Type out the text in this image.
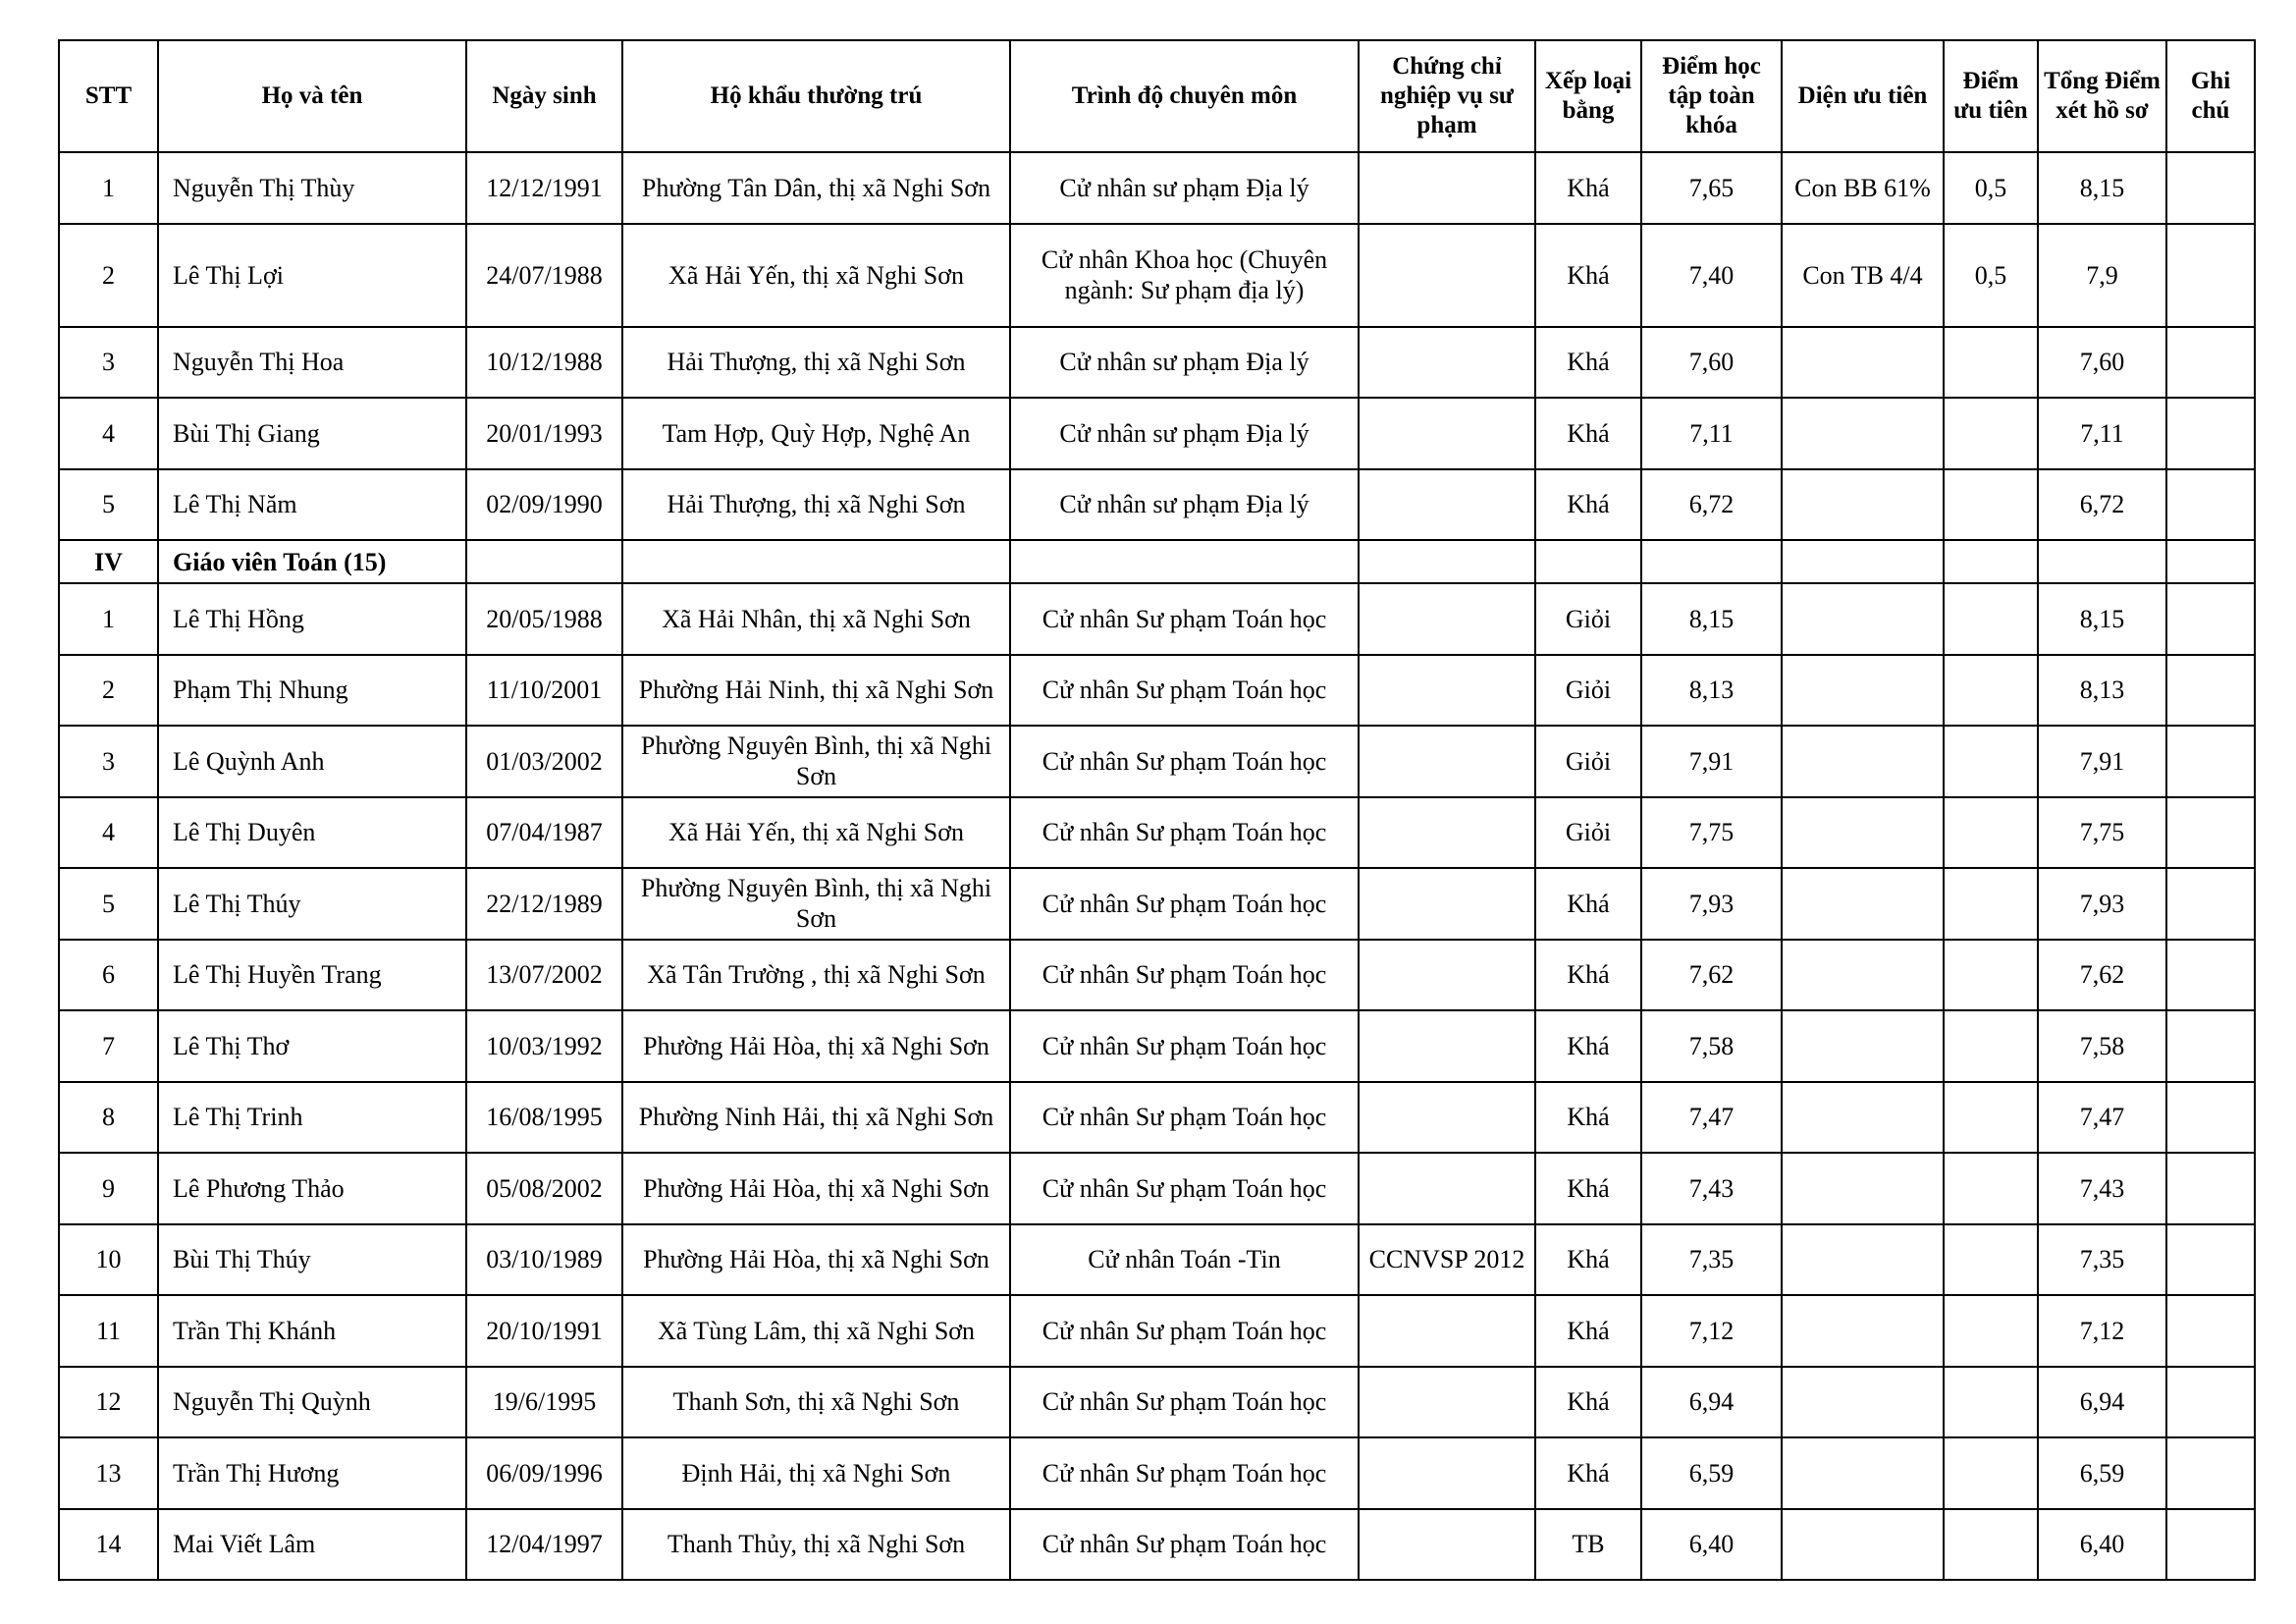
STT	Họ và tên	Ngày sinh	Hộ khẩu thường trú	Trình độ chuyên môn	Chứng chỉ nghiệp vụ sư phạm	Xếp loại bằng	Điểm học tập toàn khóa	Diện ưu tiên	Điểm ưu tiên	Tổng Điểm xét hồ sơ	Ghi chú
1	Nguyễn Thị Thùy	12/12/1991	Phường Tân Dân, thị xã Nghi Sơn	Cử nhân sư phạm Địa lý		Khá	7,65	Con BB 61%	0,5	8,15	
2	Lê Thị Lợi	24/07/1988	Xã Hải Yến, thị xã Nghi Sơn	Cử nhân Khoa học (Chuyên ngành: Sư phạm địa lý)		Khá	7,40	Con TB 4/4	0,5	7,9	
3	Nguyễn Thị Hoa	10/12/1988	Hải Thượng, thị xã Nghi Sơn	Cử nhân sư phạm Địa lý		Khá	7,60			7,60	
4	Bùi Thị Giang	20/01/1993	Tam Hợp, Quỳ Hợp, Nghệ An	Cử nhân sư phạm Địa lý		Khá	7,11			7,11	
5	Lê Thị Năm	02/09/1990	Hải Thượng, thị xã Nghi Sơn	Cử nhân sư phạm Địa lý		Khá	6,72			6,72	
IV	Giáo viên Toán (15)										
1	Lê Thị Hồng	20/05/1988	Xã Hải Nhân, thị xã Nghi Sơn	Cử nhân Sư phạm Toán học		Giỏi	8,15			8,15	
2	Phạm Thị Nhung	11/10/2001	Phường Hải Ninh, thị xã Nghi Sơn	Cử nhân Sư phạm Toán học		Giỏi	8,13			8,13	
3	Lê Quỳnh Anh	01/03/2002	Phường Nguyên Bình, thị xã Nghi Sơn	Cử nhân Sư phạm Toán học		Giỏi	7,91			7,91	
4	Lê Thị Duyên	07/04/1987	Xã Hải Yến, thị xã Nghi Sơn	Cử nhân Sư phạm Toán học		Giỏi	7,75			7,75	
5	Lê Thị Thúy	22/12/1989	Phường Nguyên Bình, thị xã Nghi Sơn	Cử nhân Sư phạm Toán học		Khá	7,93			7,93	
6	Lê Thị Huyền Trang	13/07/2002	Xã Tân Trường , thị xã Nghi Sơn	Cử nhân Sư phạm Toán học		Khá	7,62			7,62	
7	Lê Thị Thơ	10/03/1992	Phường Hải Hòa, thị xã Nghi Sơn	Cử nhân Sư phạm Toán học		Khá	7,58			7,58	
8	Lê Thị Trinh	16/08/1995	Phường Ninh Hải, thị xã Nghi Sơn	Cử nhân Sư phạm Toán học		Khá	7,47			7,47	
9	Lê Phương Thảo	05/08/2002	Phường Hải Hòa, thị xã Nghi Sơn	Cử nhân Sư phạm Toán học		Khá	7,43			7,43	
10	Bùi Thị Thúy	03/10/1989	Phường Hải Hòa, thị xã Nghi Sơn	Cử nhân Toán -Tin	CCNVSP 2012	Khá	7,35			7,35	
11	Trần Thị Khánh	20/10/1991	Xã Tùng Lâm, thị xã Nghi Sơn	Cử nhân Sư phạm Toán học		Khá	7,12			7,12	
12	Nguyễn Thị Quỳnh	19/6/1995	Thanh Sơn, thị xã Nghi Sơn	Cử nhân Sư phạm Toán học		Khá	6,94			6,94	
13	Trần Thị Hương	06/09/1996	Định Hải, thị xã Nghi Sơn	Cử nhân Sư phạm Toán học		Khá	6,59			6,59	
14	Mai Viết Lâm	12/04/1997	Thanh Thủy, thị xã Nghi Sơn	Cử nhân Sư phạm Toán học		TB	6,40			6,40	
